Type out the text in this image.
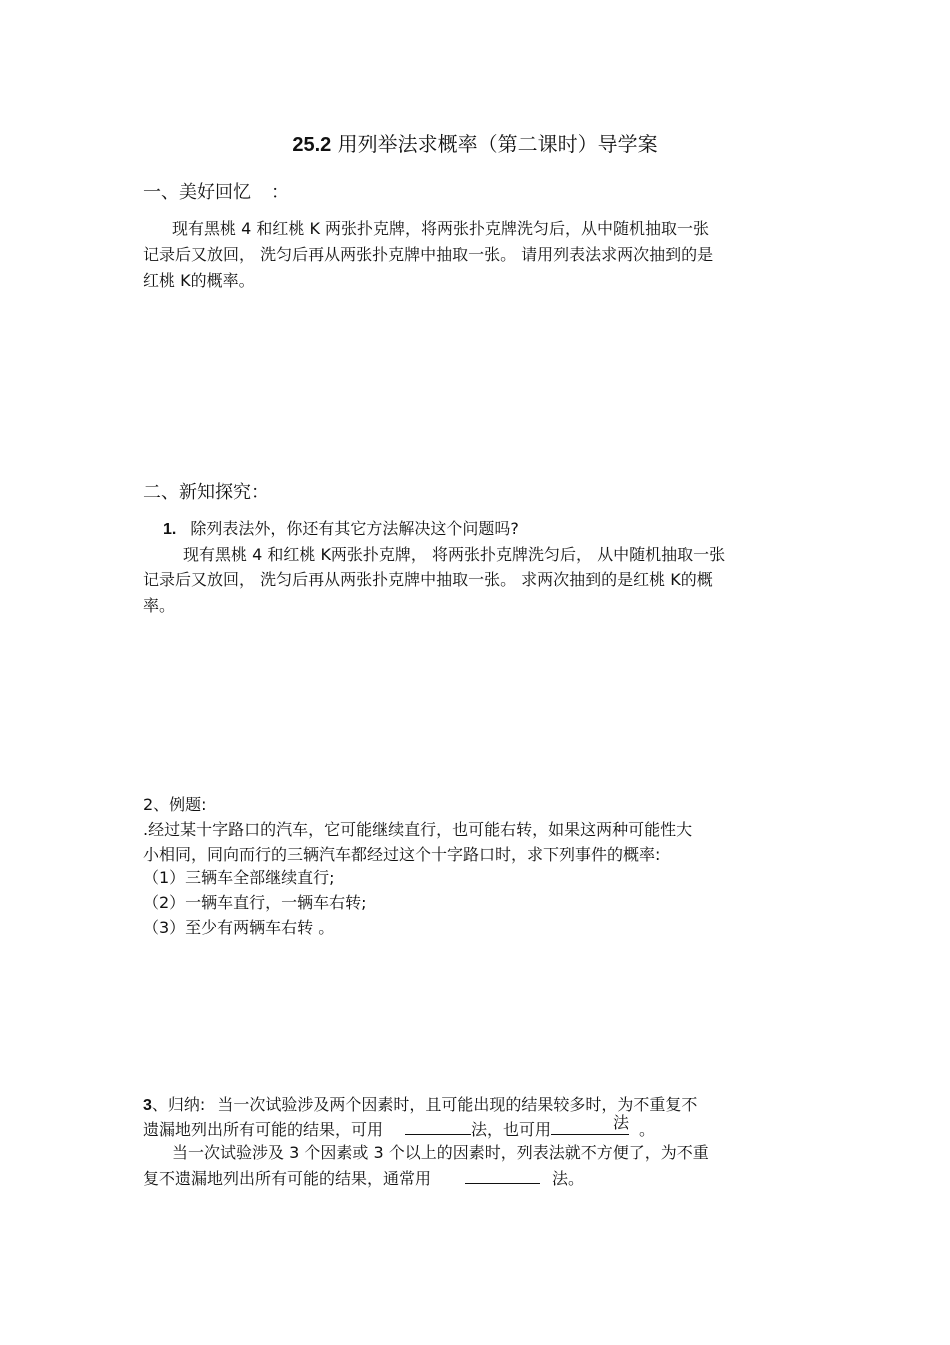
25.2 用列举法求概率（第二课时）导学案
一、美好回忆 ：
现有黑桃 4 和红桃 K 两张扑克牌，将两张扑克牌洗匀后，从中随机抽取一张
记录后又放回， 洗匀后再从两张扑克牌中抽取一张。 请用列表法求两次抽到的是
红桃 K的概率。
二、新知探究：
1. 除列表法外，你还有其它方法解决这个问题吗?
现有黑桃 4 和红桃 K两张扑克牌， 将两张扑克牌洗匀后， 从中随机抽取一张
记录后又放回， 洗匀后再从两张扑克牌中抽取一张。 求两次抽到的是红桃 K的概
率。
2、例题:
.经过某十字路口的汽车，它可能继续直行，也可能右转，如果这两种可能性大
小相同，同向而行的三辆汽车都经过这个十字路口时，求下列事件的概率:
（1）三辆车全部继续直行;
（2）一辆车直行，一辆车右转;
（3）至少有两辆车右转 。
3、归纳: 当一次试验涉及两个因素时，且可能出现的结果较多时，为不重复不
遗漏地列出所有可能的结果，可用	法，也可用	法 。
当一次试验涉及 3 个因素或 3 个以上的因素时，列表法就不方便了，为不重
复不遗漏地列出所有可能的结果，通常用	法。
